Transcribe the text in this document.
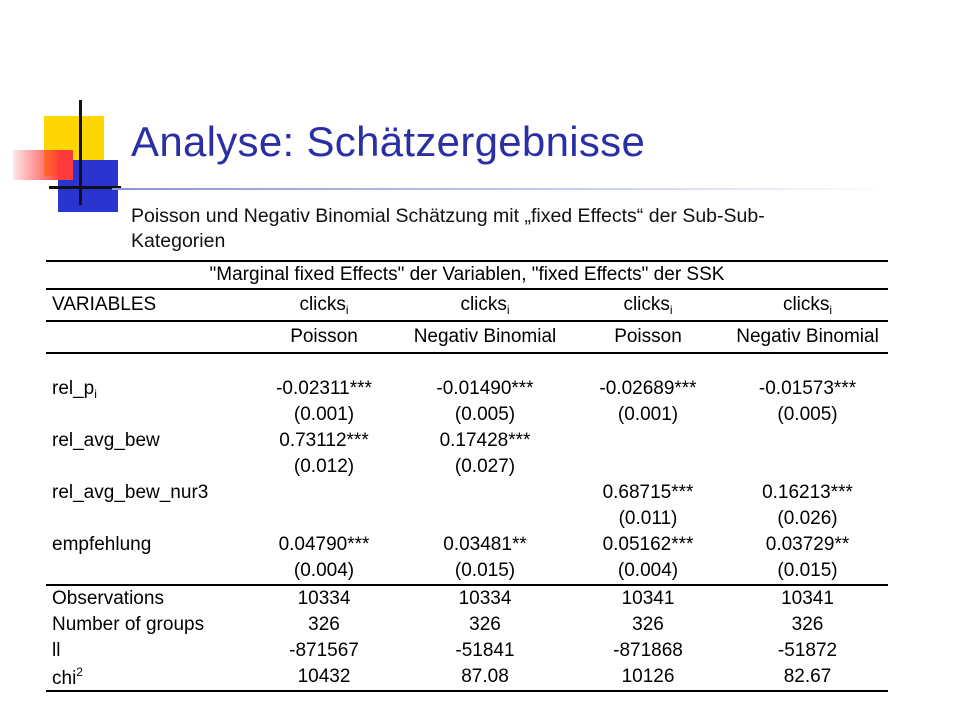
Analyse: Schätzergebnisse
Poisson und Negativ Binomial Schätzung mit „fixed Effects“ der Sub-Sub-Kategorien
"Marginal fixed Effects" der Variablen, "fixed Effects" der SSK				
VARIABLES	clicks$_i$	clicks$_i$	clicks$_i$	clicks$_i$
	Poisson	Negativ Binomial	Poisson	Negativ Binomial

$rel\_p_i$	-0.02311***	-0.01490***	-0.02689***	-0.01573***
	(0.001)	(0.005)	(0.001)	(0.005)
rel_avg_bew	0.73112***	0.17428***		
	(0.012)	(0.027)		
rel_avg_bew_nur3			0.68715***	0.16213***
			(0.011)	(0.026)
empfehlung	0.04790***	0.03481**	0.05162***	0.03729**
	(0.004)	(0.015)	(0.004)	(0.015)
Observations	10334	10334	10341	10341
Number of groups	326	326	326	326
ll	-871567	-51841	-871868	-51872
chi$^2$	10432	87.08	10126	82.67
